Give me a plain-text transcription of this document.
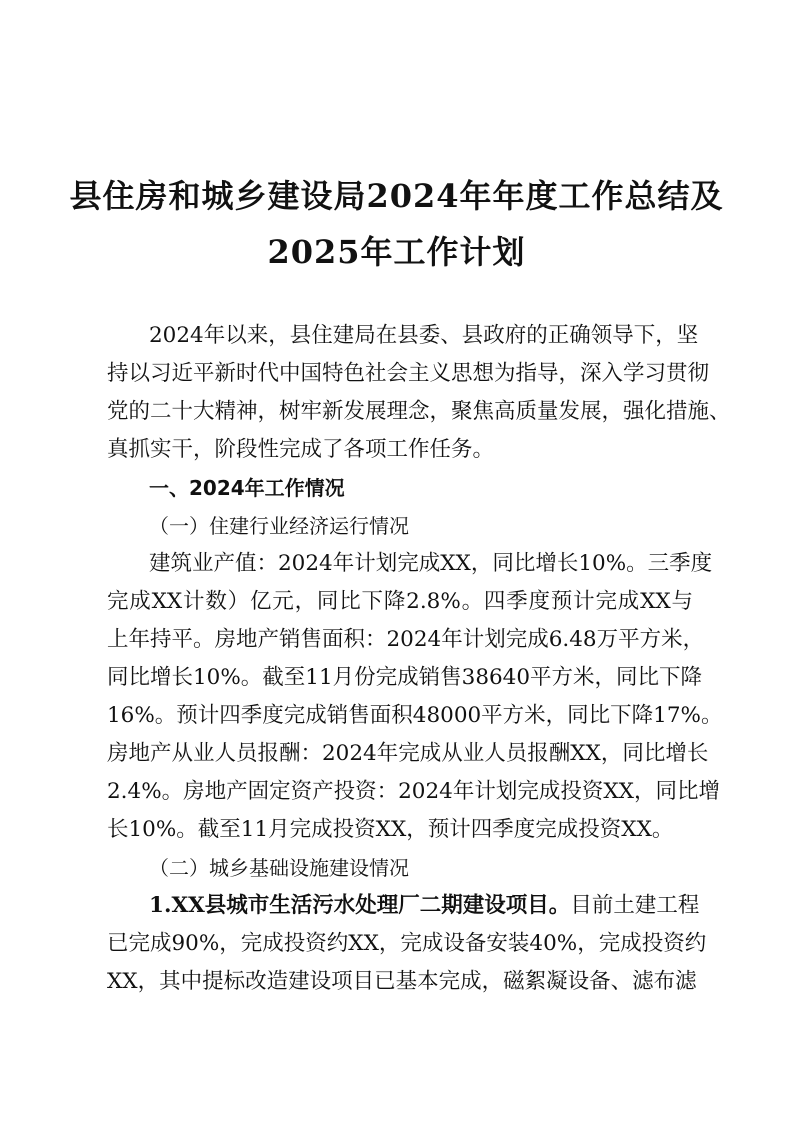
县住房和城乡建设局2024年年度工作总结及
2025年工作计划
2024年以来，县住建局在县委、县政府的正确领导下，坚
持以习近平新时代中国特色社会主义思想为指导，深入学习贯彻
党的二十大精神，树牢新发展理念，聚焦高质量发展，强化措施、
真抓实干，阶段性完成了各项工作任务。
一、2024年工作情况
（一）住建行业经济运行情况
建筑业产值：2024年计划完成XX，同比增长10%。三季度
完成XX计数）亿元，同比下降2.8%。四季度预计完成XX与
上年持平。房地产销售面积：2024年计划完成6.48万平方米，
同比增长10%。截至11月份完成销售38640平方米，同比下降
16%。预计四季度完成销售面积48000平方米，同比下降17%。
房地产从业人员报酬：2024年完成从业人员报酬XX，同比增长
2.4%。房地产固定资产投资：2024年计划完成投资XX，同比增
长10%。截至11月完成投资XX，预计四季度完成投资XX。
（二）城乡基础设施建设情况
1.XX县城市生活污水处理厂二期建设项目。目前土建工程
已完成90%，完成投资约XX，完成设备安装40%，完成投资约
XX，其中提标改造建设项目已基本完成，磁絮凝设备、滤布滤
